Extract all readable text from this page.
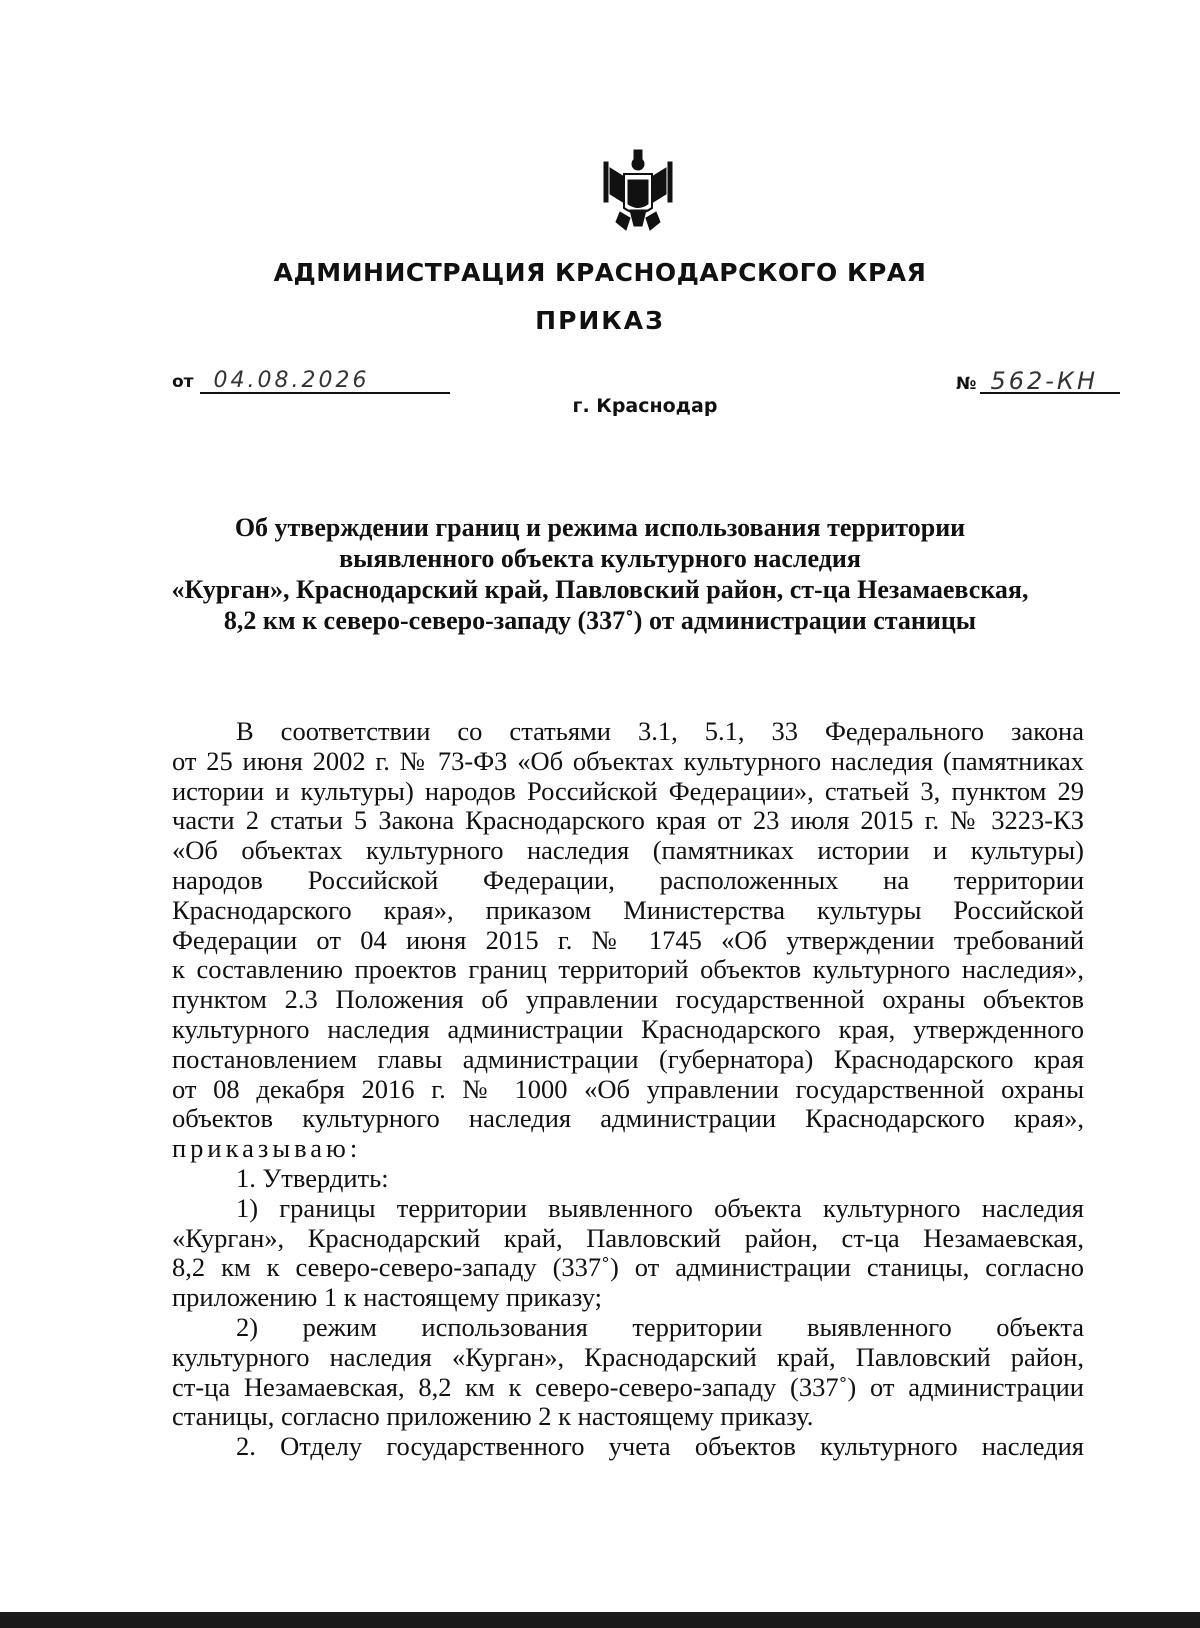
АДМИНИСТРАЦИЯ КРАСНОДАРСКОГО КРАЯ
ПРИКАЗ
от 04.08.2026	№ 562-КН
г. Краснодар
Об утверждении границ и режима использования территории
выявленного объекта культурного наследия
«Курган», Краснодарский край, Павловский район, ст-ца Незамаевская,
8,2 км к северо-северо-западу (337˚) от администрации станицы
В соответствии со статьями 3.1, 5.1, 33 Федерального закона
от 25 июня 2002 г. № 73-ФЗ «Об объектах культурного наследия (памятниках
истории и культуры) народов Российской Федерации», статьей 3, пунктом 29
части 2 статьи 5 Закона Краснодарского края от 23 июля 2015 г. № 3223-КЗ
«Об объектах культурного наследия (памятниках истории и культуры)
народов Российской Федерации, расположенных на территории
Краснодарского края», приказом Министерства культуры Российской
Федерации от 04 июня 2015 г. № 1745 «Об утверждении требований
к составлению проектов границ территорий объектов культурного наследия»,
пунктом 2.3 Положения об управлении государственной охраны объектов
культурного наследия администрации Краснодарского края, утвержденного
постановлением главы администрации (губернатора) Краснодарского края
от 08 декабря 2016 г. № 1000 «Об управлении государственной охраны
объектов культурного наследия администрации Краснодарского края»,
приказываю:
1. Утвердить:
1) границы территории выявленного объекта культурного наследия
«Курган», Краснодарский край, Павловский район, ст-ца Незамаевская,
8,2 км к северо-северо-западу (337˚) от администрации станицы, согласно
приложению 1 к настоящему приказу;
2) режим использования территории выявленного объекта
культурного наследия «Курган», Краснодарский край, Павловский район,
ст-ца Незамаевская, 8,2 км к северо-северо-западу (337˚) от администрации
станицы, согласно приложению 2 к настоящему приказу.
2. Отделу государственного учета объектов культурного наследия
